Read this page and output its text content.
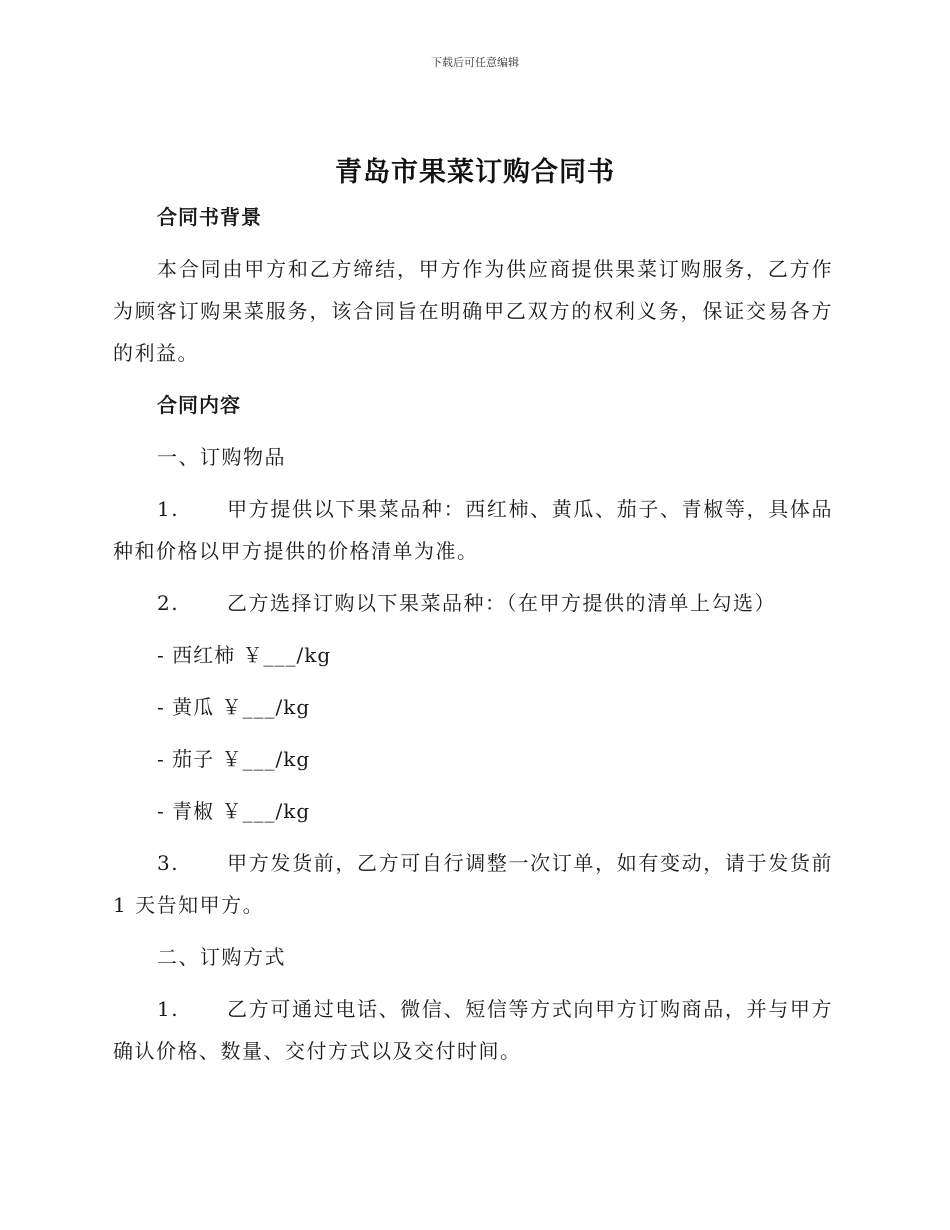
下载后可任意编辑
青岛市果菜订购合同书

合同书背景

本合同由甲方和乙方缔结，甲方作为供应商提供果菜订购服务，乙方作为顾客订购果菜服务，该合同旨在明确甲乙双方的权利义务，保证交易各方的利益。

合同内容

一、订购物品

1. 甲方提供以下果菜品种：西红柿、黄瓜、茄子、青椒等，具体品种和价格以甲方提供的价格清单为准。

2. 乙方选择订购以下果菜品种：（在甲方提供的清单上勾选）

- 西红柿 ￥___/kg

- 黄瓜 ￥___/kg

- 茄子 ￥___/kg

- 青椒 ￥___/kg

3. 甲方发货前，乙方可自行调整一次订单，如有变动，请于发货前 1 天告知甲方。

二、订购方式

1. 乙方可通过电话、微信、短信等方式向甲方订购商品，并与甲方确认价格、数量、交付方式以及交付时间。
